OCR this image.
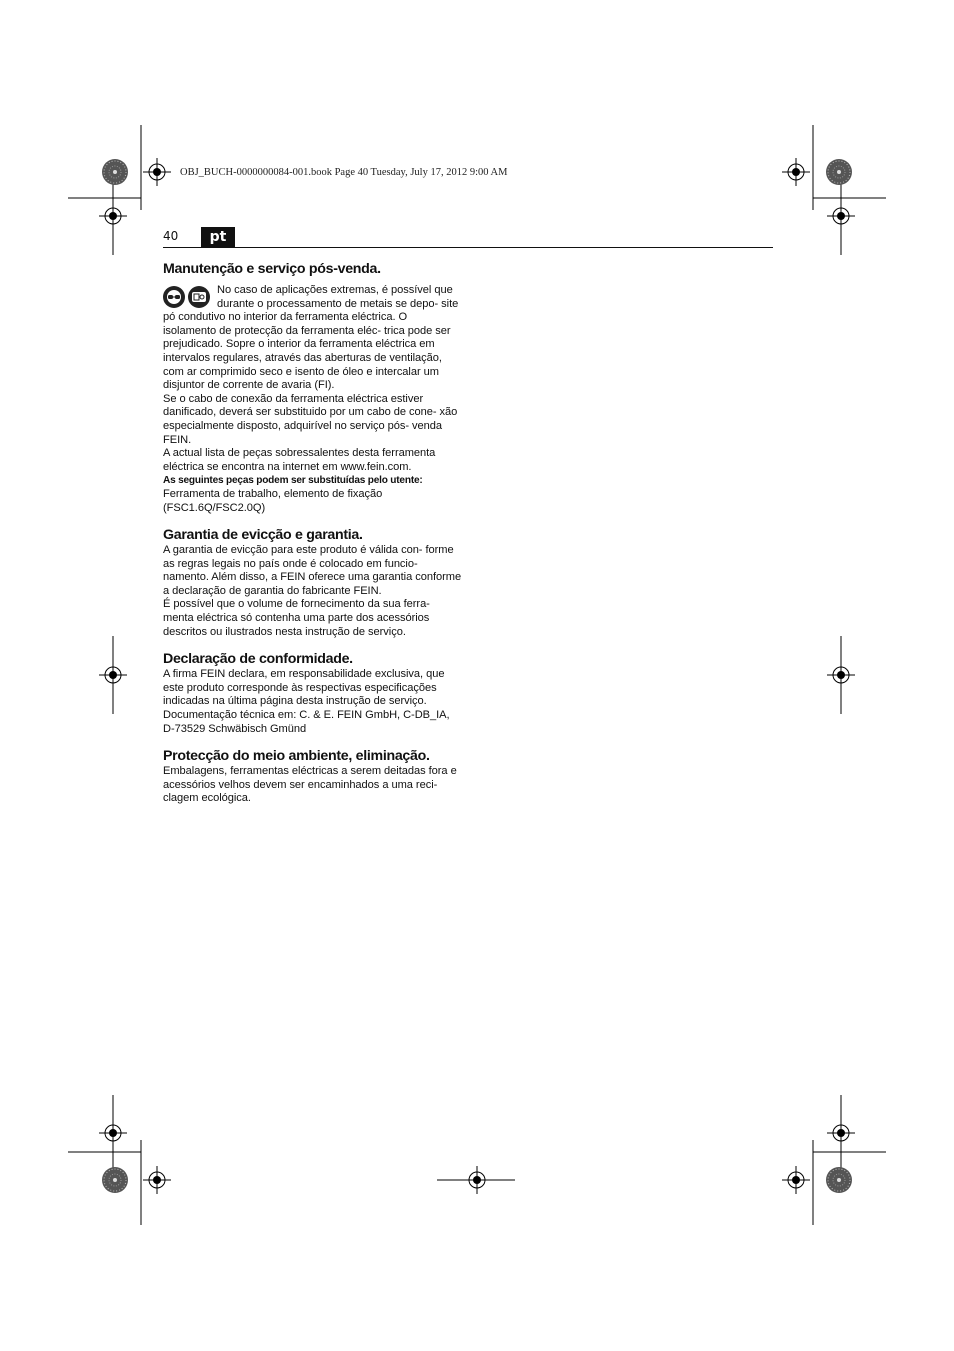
OBJ_BUCH-0000000084-001.book Page 40 Tuesday, July 17, 2012 9:00 AM
40	pt
Manutenção e serviço pós-venda.

No caso de aplicações extremas, é possível que durante o processamento de metais se depo- site pó condutivo no interior da ferramenta eléctrica. O isolamento de protecção da ferramenta eléc- trica pode ser prejudicado. Sopre o interior da ferramenta eléctrica em intervalos regulares, através das aberturas de ventilação, com ar comprimido seco e isento de óleo e intercalar um disjuntor de corrente de avaria (FI).

Se o cabo de conexão da ferramenta eléctrica estiver danificado, deverá ser substituido por um cabo de cone- xão especialmente disposto, adquirível no serviço pós- venda FEIN.

A actual lista de peças sobressalentes desta ferramenta eléctrica se encontra na internet em www.fein.com.

As seguintes peças podem ser substituídas pelo utente:

Ferramenta de trabalho, elemento de fixação (FSC1.6Q/FSC2.0Q)

Garantia de evicção e garantia.

A garantia de evicção para este produto é válida con- forme as regras legais no país onde é colocado em funcio- namento. Além disso, a FEIN oferece uma garantia conforme a declaração de garantia do fabricante FEIN.

É possível que o volume de fornecimento da sua ferra- menta eléctrica só contenha uma parte dos acessórios descritos ou ilustrados nesta instrução de serviço.

Declaração de conformidade.

A firma FEIN declara, em responsabilidade exclusiva, que este produto corresponde às respectivas especificações indicadas na última página desta instrução de serviço.

Documentação técnica em: C. & E. FEIN GmbH, C-DB_IA, D-73529 Schwäbisch Gmünd

Protecção do meio ambiente, eliminação.

Embalagens, ferramentas eléctricas a serem deitadas fora e acessórios velhos devem ser encaminhados a uma reci- clagem ecológica.
